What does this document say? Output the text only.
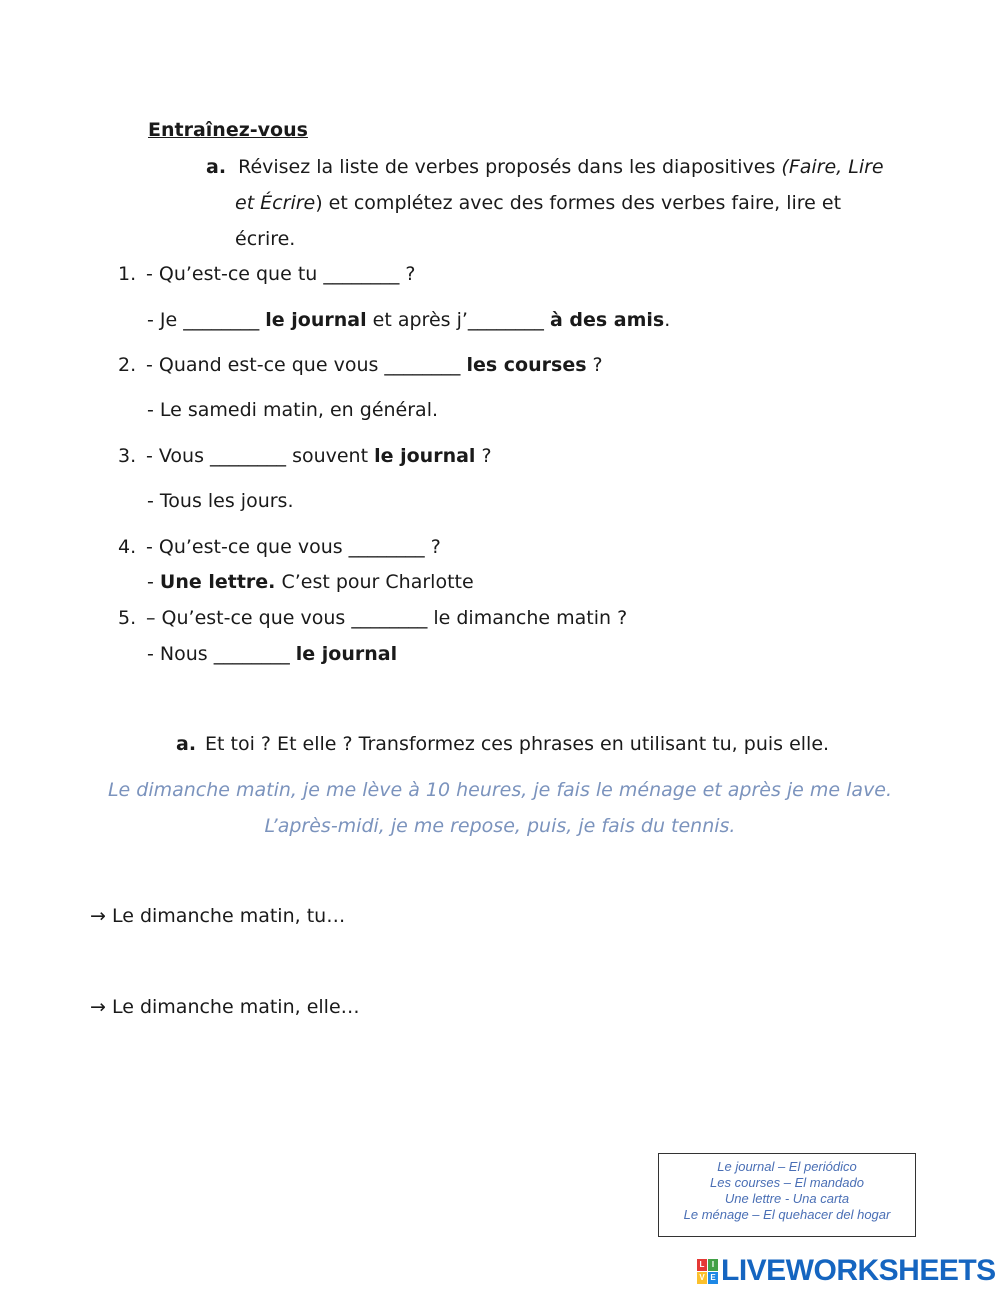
Entraînez-vous
a. Révisez la liste de verbes proposés dans les diapositives (Faire, Lire
et Écrire) et complétez avec des formes des verbes faire, lire et
écrire.
1. - Qu’est-ce que tu ________ ?
- Je ________ le journal et après j’________ à des amis.
2. - Quand est-ce que vous ________ les courses ?
- Le samedi matin, en général.
3. - Vous ________ souvent le journal ?
- Tous les jours.
4. - Qu’est-ce que vous ________ ?
- Une lettre. C’est pour Charlotte
5. – Qu’est-ce que vous ________ le dimanche matin ?
- Nous ________ le journal
a. Et toi ? Et elle ? Transformez ces phrases en utilisant tu, puis elle.
Le dimanche matin, je me lève à 10 heures, je fais le ménage et après je me lave.
L’après-midi, je me repose, puis, je fais du tennis.
→ Le dimanche matin, tu…
→ Le dimanche matin, elle…
Le journal – El periódico
Les courses – El mandado
Une lettre - Una carta
Le ménage – El quehacer del hogar
L I
V E LIVEWORKSHEETS
